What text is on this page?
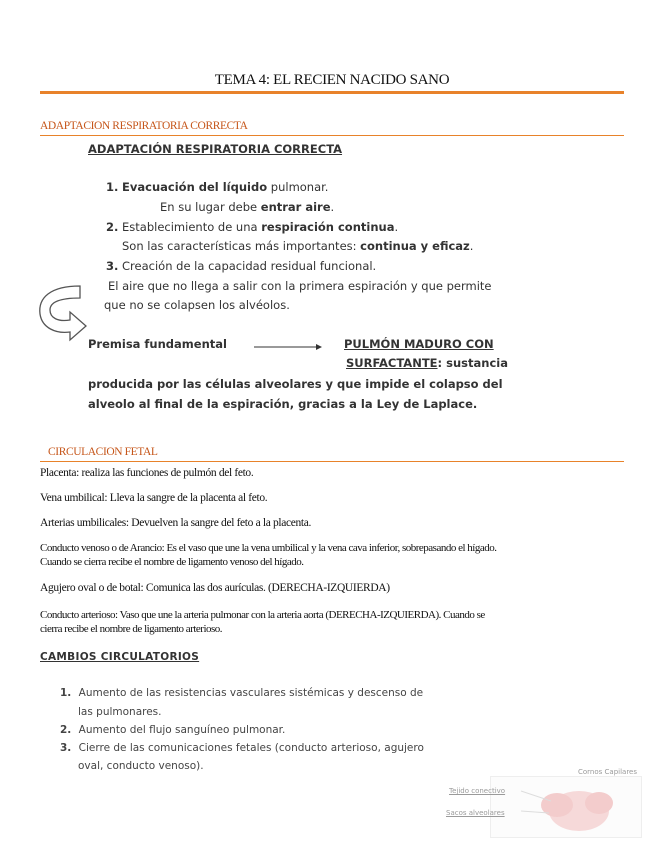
TEMA 4: EL RECIEN NACIDO SANO
ADAPTACION RESPIRATORIA CORRECTA
ADAPTACIÓN RESPIRATORIA CORRECTA
1. Evacuación del líquido pulmonar.
En su lugar debe entrar aire.
2. Establecimiento de una respiración continua.
Son las características más importantes: continua y eficaz.
3. Creación de la capacidad residual funcional.
El aire que no llega a salir con la primera espiración y que permite
que no se colapsen los alvéolos.
Premisa fundamental	PULMÓN MADURO CON
SURFACTANTE: sustancia
producida por las células alveolares y que impide el colapso del
alveolo al final de la espiración, gracias a la Ley de Laplace.
CIRCULACION FETAL
Placenta: realiza las funciones de pulmón del feto.
Vena umbilical: Lleva la sangre de la placenta al feto.
Arterias umbilicales: Devuelven la sangre del feto a la placenta.
Conducto venoso o de Arancio: Es el vaso que une la vena umbilical y la vena cava inferior, sobrepasando el hígado.
Cuando se cierra recibe el nombre de ligamento venoso del hígado.
Agujero oval o de botal: Comunica las dos aurículas. (DERECHA-IZQUIERDA)
Conducto arterioso: Vaso que une la arteria pulmonar con la arteria aorta (DERECHA-IZQUIERDA). Cuando se
cierra recibe el nombre de ligamento arterioso.
CAMBIOS CIRCULATORIOS
1. Aumento de las resistencias vasculares sistémicas y descenso de
las pulmonares.
2. Aumento del flujo sanguíneo pulmonar.
3. Cierre de las comunicaciones fetales (conducto arterioso, agujero
oval, conducto venoso).	Cornos Capilares
Tejido conectivo
Sacos alveolares
